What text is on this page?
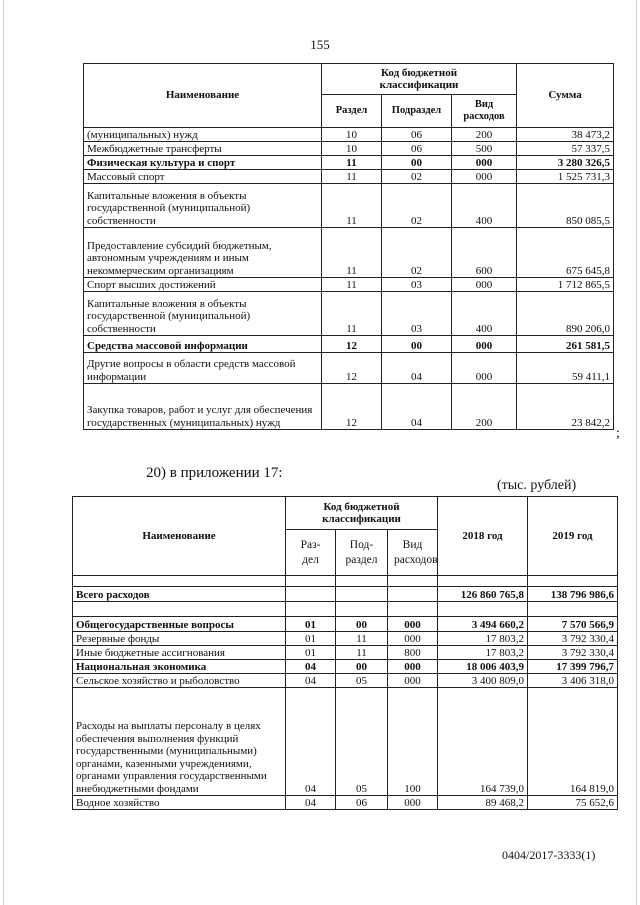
155
Наименование	Код бюджетной классификации			Сумма
	Раздел	Подраздел	Вид расходов	
(муниципальных) нужд	10	06	200	38 473,2
Межбюджетные трансферты	10	06	500	57 337,5
Физическая культура и спорт	11	00	000	3 280 326,5
Массовый спорт	11	02	000	1 525 731,3
Капитальные вложения в объекты государственной (муниципальной) собственности	11	02	400	850 085,5
Предоставление субсидий бюджетным, автономным учреждениям и иным некоммерческим организациям	11	02	600	675 645,8
Спорт высших достижений	11	03	000	1 712 865,5
Капитальные вложения в объекты государственной (муниципальной) собственности	11	03	400	890 206,0
Средства массовой информации	12	00	000	261 581,5
Другие вопросы в области средств массовой информации	12	04	000	59 411,1
Закупка товаров, работ и услуг для обеспечения государственных (муниципальных) нужд	12	04	200	23 842,2
;
20) в приложении 17:
(тыс. рублей)
Наименование	Код бюджетной классификации			2018 год	2019 год
	Раз-дел	Под-раздел	Вид расходов		

Всего расходов				126 860 765,8	138 796 986,6

Общегосударственные вопросы	01	00	000	3 494 660,2	7 570 566,9
Резервные фонды	01	11	000	17 803,2	3 792 330,4
Иные бюджетные ассигнования	01	11	800	17 803,2	3 792 330,4
Национальная экономика	04	00	000	18 006 403,9	17 399 796,7
Сельское хозяйство и рыболовство	04	05	000	3 400 809,0	3 406 318,0
Расходы на выплаты персоналу в целях обеспечения выполнения функций государственными (муниципальными) органами, казенными учреждениями, органами управления государственными внебюджетными фондами	04	05	100	164 739,0	164 819,0
Водное хозяйство	04	06	000	89 468,2	75 652,6
0404/2017-3333(1)
